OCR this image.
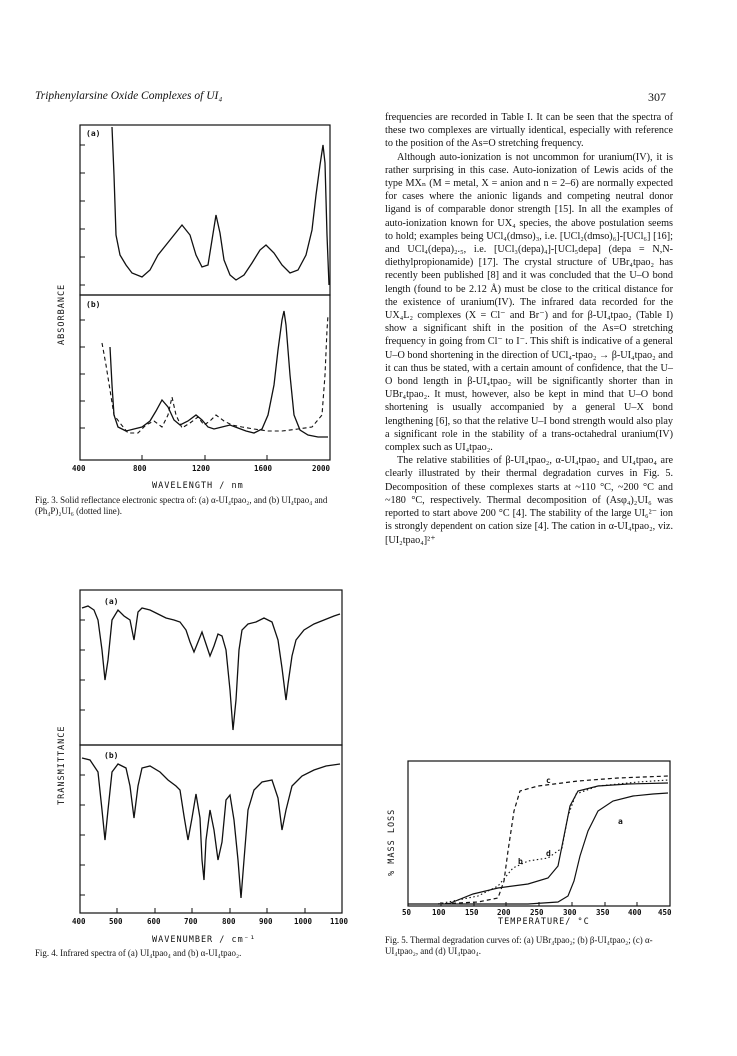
Triphenylarsine Oxide Complexes of UI₄	307
(a)
(b)
ABSORBANCE
400	800	1200	1600	2000
WAVELENGTH / nm
Fig. 3. Solid reflectance electronic spectra of: (a) α-UI₄tpao₂, and (b) UI₄tpao₄ and (Ph₄P)₂UI₆ (dotted line).
(a)
(b)
TRANSMITTANCE
400	500	600	700	800	900	1000 1100
WAVENUMBER / cm⁻¹
Fig. 4. Infrared spectra of (a) UI₄tpao₄ and (b) α-UI₄tpao₂.
a
b
c
d
% MASS LOSS
50	100	150 200	250	300	350 400 450
TEMPERATURE/ °C
Fig. 5. Thermal degradation curves of: (a) UBr₄tpao₂; (b) β-UI₄tpao₂; (c) α-UI₄tpao₂, and (d) UI₄tpao₄.

frequencies are recorded in Table I. It can be seen that the spectra of these two complexes are virtually identical, especially with reference to the position of the As=O stretching frequency.

Although auto-ionization is not uncommon for uranium(IV), it is rather surprising in this case. Auto-ionization of Lewis acids of the type MXₙ (M = metal, X = anion and n = 2–6) are normally expected for cases where the anionic ligands and competing neutral donor ligand is of comparable donor strength [15]. In all the examples of auto-ionization known for UX₄ species, the above postulation seems to hold; examples being UCl₄(dmso)₃, i.e. [UCl₂(dmso)₆]-[UCl₆] [16]; and UCl₄(depa)₂.₅, i.e. [UCl₃(depa)₄]-[UCl₅depa] (depa = N,N-diethylpropionamide) [17]. The crystal structure of UBr₄tpao₂ has recently been published [8] and it was concluded that the U–O bond length (found to be 2.12 Å) must be close to the critical distance for the existence of uranium(IV). The infrared data recorded for the UX₄L₂ complexes (X = Cl⁻ and Br⁻) and for β-UI₄tpao₂ (Table I) show a significant shift in the position of the As=O stretching frequency in going from Cl⁻ to I⁻. This shift is indicative of a general U–O bond shortening in the direction of UCl₄-tpao₂ → β-UI₄tpao₂ and it can thus be stated, with a certain amount of confidence, that the U–O bond length in β-UI₄tpao₂ will be significantly shorter than in UBr₄tpao₂. It must, however, also be kept in mind that U–O bond shortening is usually accompanied by a general U–X bond lengthening [6], so that the relative U–I bond strength would also play a significant role in the stability of a trans-octahedral uranium(IV) complex such as UI₄tpao₂.

The relative stabilities of β-UI₄tpao₂, α-UI₄tpao₂ and UI₄tpao₄ are clearly illustrated by their thermal degradation curves in Fig. 5. Decomposition of these complexes starts at ~110 °C, ~200 °C and ~180 °C, respectively. Thermal decomposition of (Asφ₄)₂UI₆ was reported to start above 200 °C [4]. The stability of the large UI₆²⁻ ion is strongly dependent on cation size [4]. The cation in α-UI₄tpao₂, viz. [UI₂tpao₄]²⁺
